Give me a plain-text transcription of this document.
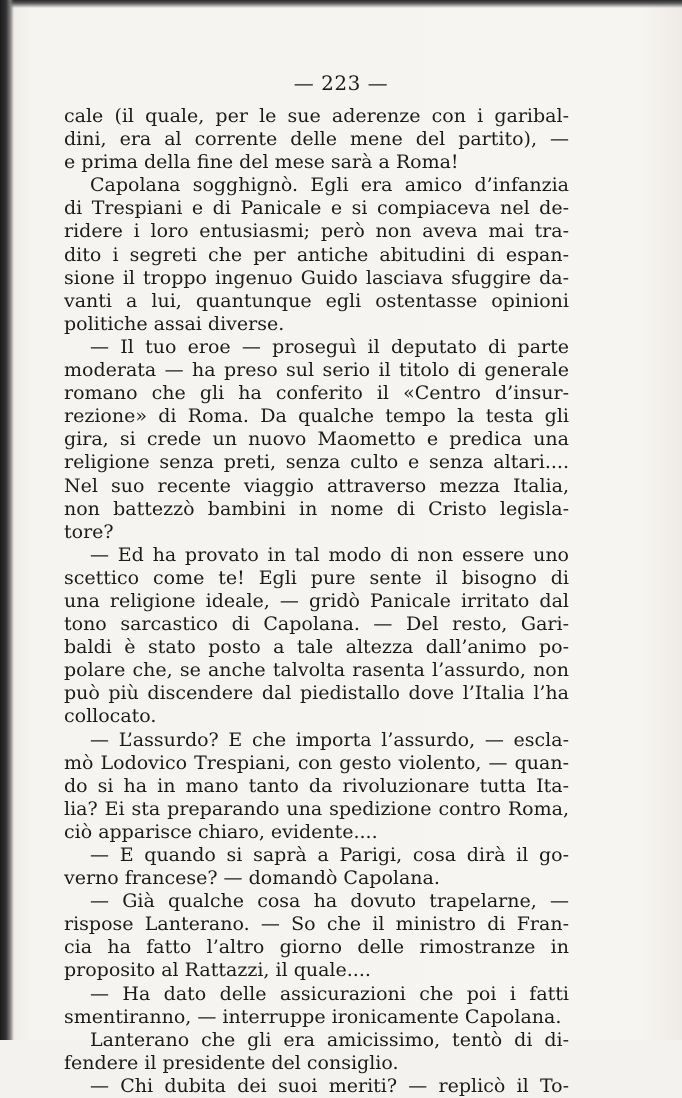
— 223 —
cale (il quale, per le sue aderenze con i garibal-
dini, era al corrente delle mene del partito), —
e prima della fine del mese sarà a Roma!
Capolana sogghignò. Egli era amico d’infanzia
di Trespiani e di Panicale e si compiaceva nel de-
ridere i loro entusiasmi; però non aveva mai tra-
dito i segreti che per antiche abitudini di espan-
sione il troppo ingenuo Guido lasciava sfuggire da-
vanti a lui, quantunque egli ostentasse opinioni
politiche assai diverse.
— Il tuo eroe — proseguì il deputato di parte
moderata — ha preso sul serio il titolo di generale
romano che gli ha conferito il «Centro d’insur-
rezione» di Roma. Da qualche tempo la testa gli
gira, si crede un nuovo Maometto e predica una
religione senza preti, senza culto e senza altari....
Nel suo recente viaggio attraverso mezza Italia,
non battezzò bambini in nome di Cristo legisla-
tore?
— Ed ha provato in tal modo di non essere uno
scettico come te! Egli pure sente il bisogno di
una religione ideale, — gridò Panicale irritato dal
tono sarcastico di Capolana. — Del resto, Gari-
baldi è stato posto a tale altezza dall’animo po-
polare che, se anche talvolta rasenta l’assurdo, non
può più discendere dal piedistallo dove l’Italia l’ha
collocato.
— L’assurdo? E che importa l’assurdo, — escla-
mò Lodovico Trespiani, con gesto violento, — quan-
do si ha in mano tanto da rivoluzionare tutta Ita-
lia? Ei sta preparando una spedizione contro Roma,
ciò apparisce chiaro, evidente....
— E quando si saprà a Parigi, cosa dirà il go-
verno francese? — domandò Capolana.
— Già qualche cosa ha dovuto trapelarne, —
rispose Lanterano. — So che il ministro di Fran-
cia ha fatto l’altro giorno delle rimostranze in
proposito al Rattazzi, il quale....
— Ha dato delle assicurazioni che poi i fatti
smentiranno, — interruppe ironicamente Capolana.
Lanterano che gli era amicissimo, tentò di di-
fendere il presidente del consiglio.
— Chi dubita dei suoi meriti? — replicò il To-
